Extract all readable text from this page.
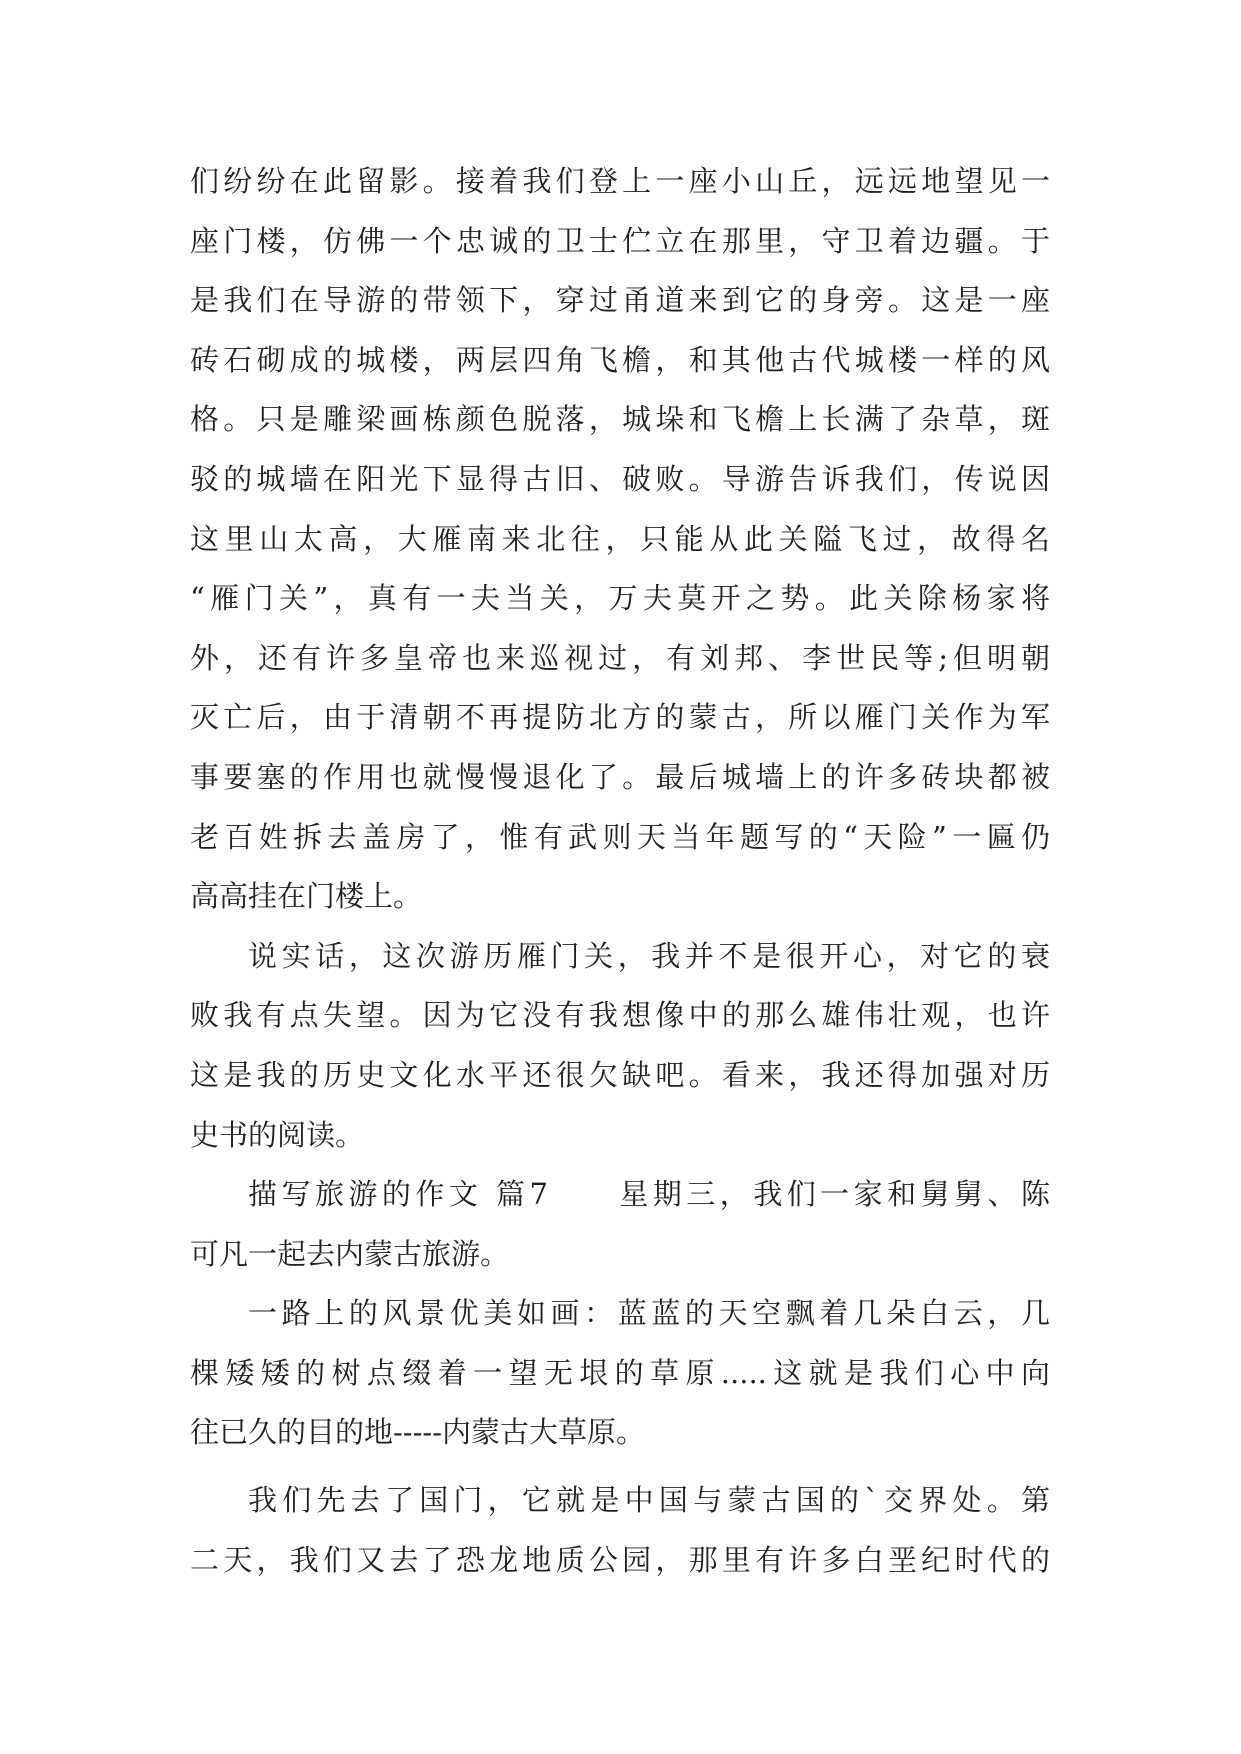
们纷纷在此留影。接着我们登上一座小山丘，远远地望见一
座门楼，仿佛一个忠诚的卫士伫立在那里，守卫着边疆。于
是我们在导游的带领下，穿过甬道来到它的身旁。这是一座
砖石砌成的城楼，两层四角飞檐，和其他古代城楼一样的风
格。只是雕梁画栋颜色脱落，城垛和飞檐上长满了杂草，斑
驳的城墙在阳光下显得古旧、破败。导游告诉我们，传说因
这里山太高，大雁南来北往，只能从此关隘飞过，故得名
“雁门关”，真有一夫当关，万夫莫开之势。此关除杨家将
外，还有许多皇帝也来巡视过，有刘邦、李世民等;但明朝
灭亡后，由于清朝不再提防北方的蒙古，所以雁门关作为军
事要塞的作用也就慢慢退化了。最后城墙上的许多砖块都被
老百姓拆去盖房了，惟有武则天当年题写的“天险”一匾仍
高高挂在门楼上。
说实话，这次游历雁门关，我并不是很开心，对它的衰
败我有点失望。因为它没有我想像中的那么雄伟壮观，也许
这是我的历史文化水平还很欠缺吧。看来，我还得加强对历
史书的阅读。
描写旅游的作文 篇7　　星期三，我们一家和舅舅、陈
可凡一起去内蒙古旅游。
一路上的风景优美如画：蓝蓝的天空飘着几朵白云，几
棵矮矮的树点缀着一望无垠的草原.....这就是我们心中向
往已久的目的地-----内蒙古大草原。
我们先去了国门，它就是中国与蒙古国的`交界处。第
二天，我们又去了恐龙地质公园，那里有许多白垩纪时代的
